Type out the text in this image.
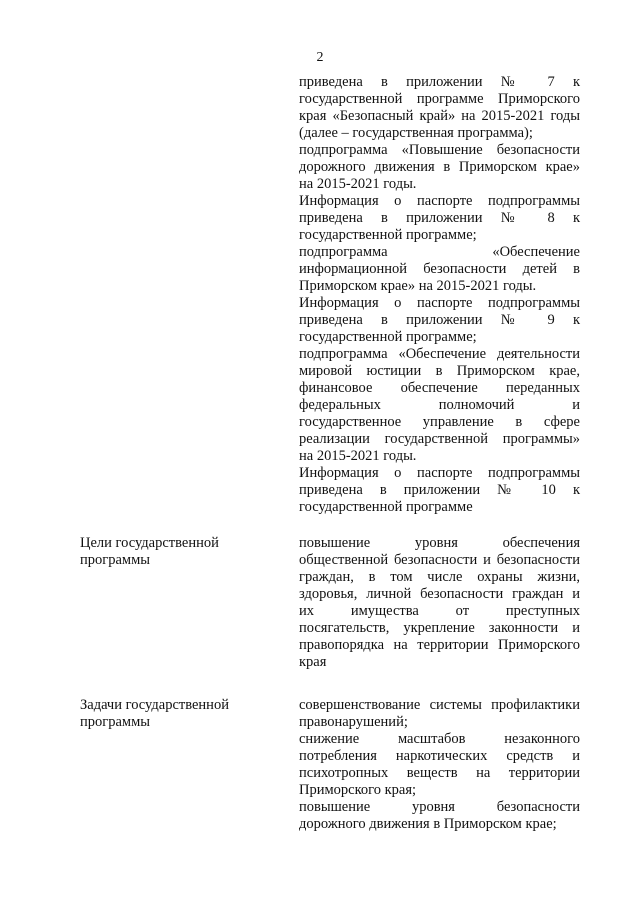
2
приведена в приложении № 7 к
государственной программе Приморского
края «Безопасный край» на 2015-2021 годы
(далее – государственная программа);
подпрограмма «Повышение безопасности
дорожного движения в Приморском крае»
на 2015-2021 годы.
Информация о паспорте подпрограммы
приведена в приложении № 8 к
государственной программе;
подпрограмма «Обеспечение
информационной безопасности детей в
Приморском крае» на 2015-2021 годы.
Информация о паспорте подпрограммы
приведена в приложении № 9 к
государственной программе;
подпрограмма «Обеспечение деятельности
мировой юстиции в Приморском крае,
финансовое обеспечение переданных
федеральных полномочий и
государственное управление в сфере
реализации государственной программы»
на 2015-2021 годы.
Информация о паспорте подпрограммы
приведена в приложении № 10 к
государственной программе
Цели государственной программы
повышение уровня обеспечения
общественной безопасности и безопасности
граждан, в том числе охраны жизни,
здоровья, личной безопасности граждан и
их имущества от преступных
посягательств, укрепление законности и
правопорядка на территории Приморского
края
Задачи государственной программы
совершенствование системы профилактики
правонарушений;
снижение масштабов незаконного
потребления наркотических средств и
психотропных веществ на территории
Приморского края;
повышение уровня безопасности
дорожного движения в Приморском крае;
